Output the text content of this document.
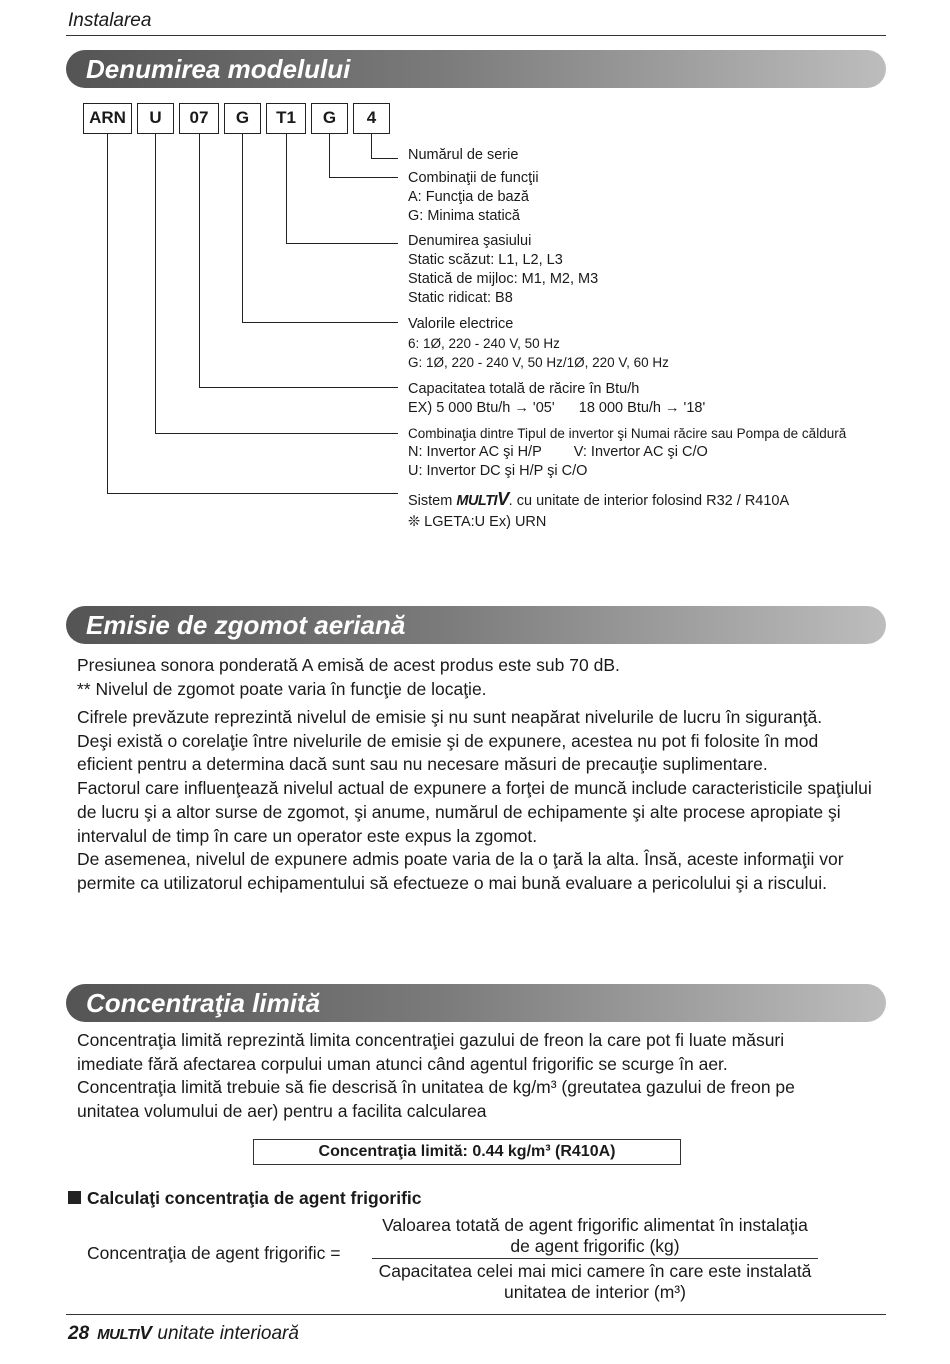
Instalarea
Denumirea modelului
ARN	U	07	G	T1	G	4
Numărul de serie
Combinaţii de funcţii
A: Funcţia de bază
G: Minima statică
Denumirea şasiului
Static scăzut: L1, L2, L3
Statică de mijloc: M1, M2, M3
Static ridicat: B8
Valorile electrice
6: 1Ø, 220 - 240 V, 50 Hz
G: 1Ø, 220 - 240 V, 50 Hz/1Ø, 220 V, 60 Hz
Capacitatea totală de răcire în Btu/h
EX) 5 000 Btu/h → '05'      18 000 Btu/h → '18'
Combinaţia dintre Tipul de invertor şi Numai răcire sau Pompa de căldură
N: Invertor AC şi H/P        V: Invertor AC şi C/O
U: Invertor DC şi H/P şi C/O
Sistem MULTIV. cu unitate de interior folosind R32 / R410A
❊ LGETA:U Ex) URN
Emisie de zgomot aeriană
Presiunea sonora ponderată A emisă de acest produs este sub 70 dB.
** Nivelul de zgomot poate varia în funcţie de locaţie.
Cifrele prevăzute reprezintă nivelul de emisie şi nu sunt neapărat nivelurile de lucru în siguranţă.
Deşi există o corelaţie între nivelurile de emisie şi de expunere, acestea nu pot fi folosite în mod
eficient pentru a determina dacă sunt sau nu necesare măsuri de precauţie suplimentare.
Factorul care influenţează nivelul actual de expunere a forţei de muncă include caracteristicile spaţiului
de lucru şi a altor surse de zgomot, şi anume, numărul de echipamente şi alte procese apropiate şi
intervalul de timp în care un operator este expus la zgomot.
De asemenea, nivelul de expunere admis poate varia de la o ţară la alta. Însă, aceste informaţii vor
permite ca utilizatorul echipamentului să efectueze o mai bună evaluare a pericolului şi a riscului.
Concentraţia limită
Concentraţia limită reprezintă limita concentraţiei gazului de freon la care pot fi luate măsuri
imediate fără afectarea corpului uman atunci când agentul frigorific se scurge în aer.
Concentraţia limită trebuie să fie descrisă în unitatea de kg/m³ (greutatea gazului de freon pe
unitatea volumului de aer) pentru a facilita calcularea
Concentraţia limită: 0.44 kg/m³ (R410A)
Calculaţi concentraţia de agent frigorific
Concentraţia de agent frigorific =
Valoarea totată de agent frigorific alimentat în instalaţia
de agent frigorific (kg)
Capacitatea celei mai mici camere în care este instalată
unitatea de interior (m³)
28 MULTIV unitate interioară
